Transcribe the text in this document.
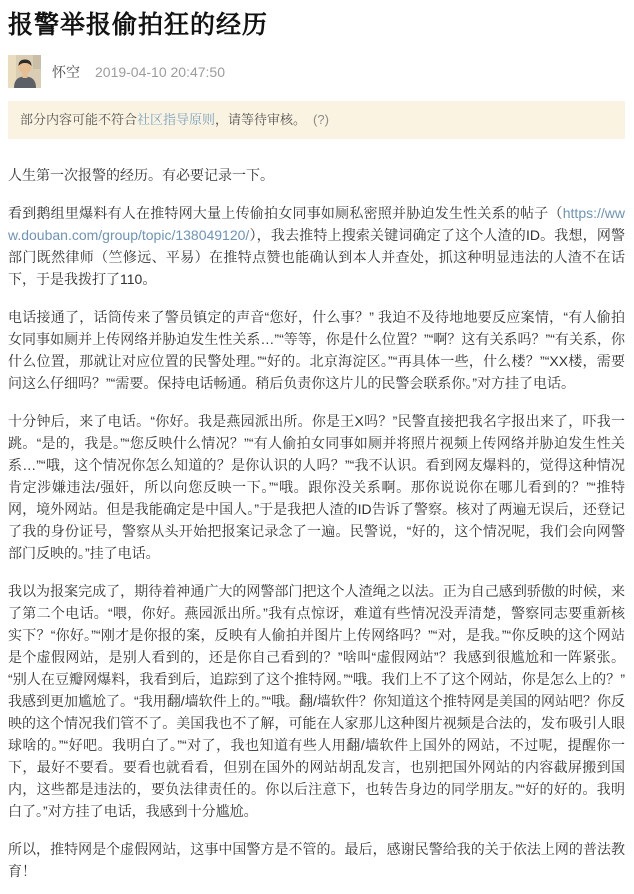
报警举报偷拍狂的经历
怀空 2019-04-10 20:47:50
部分内容可能不符合社区指导原则，请等待审核。 (?)

人生第一次报警的经历。有必要记录一下。

看到鹅组里爆料有人在推特网大量上传偷拍女同事如厕私密照并胁迫发生性关系的帖子（https://www.douban.com/group/topic/138049120/），我去推特上搜索关键词确定了这个人渣的ID。我想，网警部门既然律师（竺修远、平易）在推特点赞也能确认到本人并查处，抓这种明显违法的人渣不在话下，于是我拨打了110。

电话接通了，话筒传来了警员镇定的声音“您好，什么事？” 我迫不及待地地要反应案情，“有人偷拍女同事如厕并上传网络并胁迫发生性关系…”“等等，你是什么位置？”“啊？这有关系吗？”“有关系，你什么位置，那就让对应位置的民警处理。”“好的。北京海淀区。”“再具体一些，什么楼？”“XX楼，需要问这么仔细吗？”“需要。保持电话畅通。稍后负责你这片儿的民警会联系你。”对方挂了电话。

十分钟后，来了电话。“你好。我是燕园派出所。你是王X吗？”民警直接把我名字报出来了，吓我一跳。“是的，我是。”“您反映什么情况？”“有人偷拍女同事如厕并将照片视频上传网络并胁迫发生性关系…”“哦，这个情况你怎么知道的？是你认识的人吗？”“我不认识。看到网友爆料的，觉得这种情况肯定涉嫌违法/强奸，所以向您反映一下。”“哦。跟你没关系啊。那你说说你在哪儿看到的？”“推特网，境外网站。但是我能确定是中国人。”于是我把人渣的ID告诉了警察。核对了两遍无误后，还登记了我的身份证号，警察从头开始把报案记录念了一遍。民警说，“好的，这个情况呢，我们会向网警部门反映的。”挂了电话。

我以为报案完成了，期待着神通广大的网警部门把这个人渣绳之以法。正为自己感到骄傲的时候，来了第二个电话。“喂，你好。燕园派出所。”我有点惊讶，难道有些情况没弄清楚，警察同志要重新核实下？“你好。”“刚才是你报的案，反映有人偷拍并图片上传网络吗？”“对，是我。”“你反映的这个网站是个虚假网站，是别人看到的，还是你自己看到的？”啥叫“虚假网站”？我感到很尴尬和一阵紧张。“别人在豆瓣网爆料，我看到后，追踪到了这个推特网。”“哦。我们上不了这个网站，你是怎么上的？”我感到更加尴尬了。“我用翻/墙软件上的。”“哦。翻/墙软件？你知道这个推特网是美国的网站吧？你反映的这个情况我们管不了。美国我也不了解，可能在人家那儿这种图片视频是合法的，发布吸引人眼球啥的。”“好吧。我明白了。”“对了，我也知道有些人用翻/墙软件上国外的网站，不过呢，提醒你一下，最好不要看。要看也就看看，但别在国外的网站胡乱发言，也别把国外网站的内容截屏搬到国内，这些都是违法的，要负法律责任的。你以后注意下，也转告身边的同学朋友。”“好的好的。我明白了。”对方挂了电话，我感到十分尴尬。

所以，推特网是个虚假网站，这事中国警方是不管的。最后，感谢民警给我的关于依法上网的普法教育！
